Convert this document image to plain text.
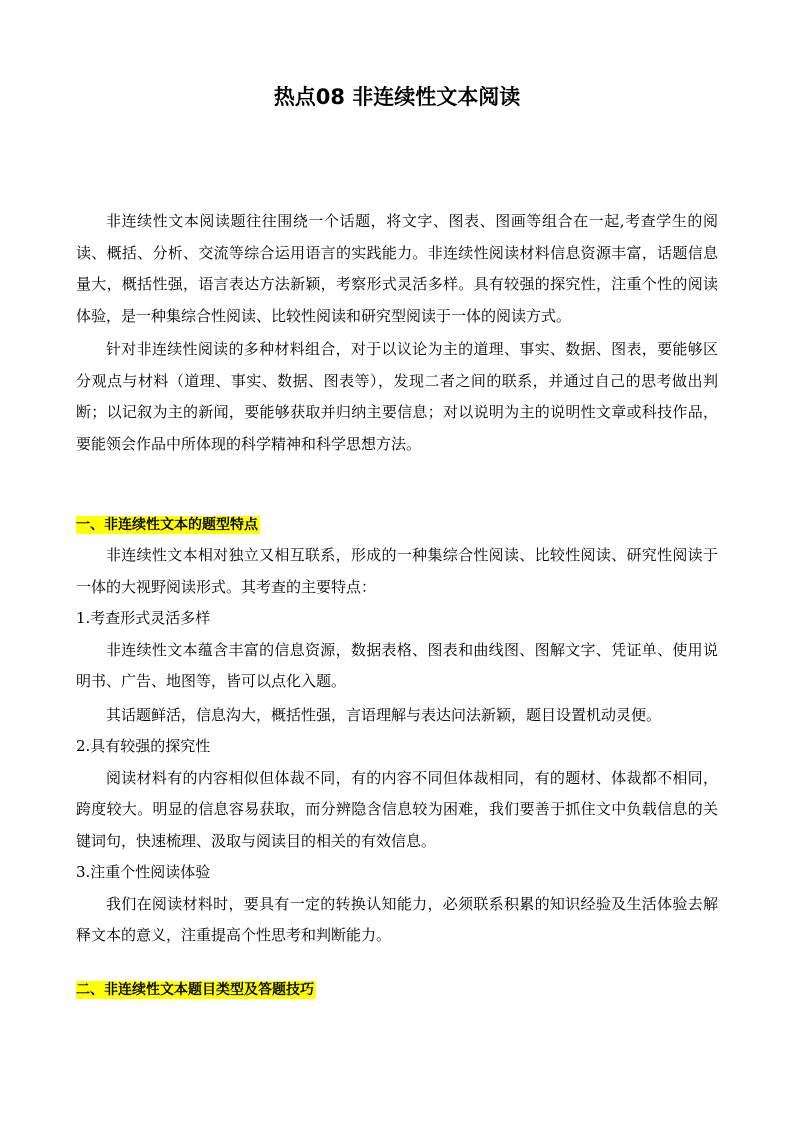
热点08 非连续性文本阅读

非连续性文本阅读题往往围绕一个话题，将文字、图表、图画等组合在一起,考查学生的阅读、概括、分析、交流等综合运用语言的实践能力。非连续性阅读材料信息资源丰富，话题信息量大，概括性强，语言表达方法新颖，考察形式灵活多样。具有较强的探究性，注重个性的阅读体验，是一种集综合性阅读、比较性阅读和研究型阅读于一体的阅读方式。

针对非连续性阅读的多种材料组合，对于以议论为主的道理、事实、数据、图表，要能够区分观点与材料（道理、事实、数据、图表等），发现二者之间的联系，并通过自己的思考做出判断；以记叙为主的新闻，要能够获取并归纳主要信息；对以说明为主的说明性文章或科技作品，要能领会作品中所体现的科学精神和科学思想方法。

一、非连续性文本的题型特点

非连续性文本相对独立又相互联系，形成的一种集综合性阅读、比较性阅读、研究性阅读于一体的大视野阅读形式。其考查的主要特点：

1.考查形式灵活多样

非连续性文本蕴含丰富的信息资源，数据表格、图表和曲线图、图解文字、凭证单、使用说明书、广告、地图等，皆可以点化入题。

其话题鲜活，信息沟大，概括性强，言语理解与表达问法新颖，题目设置机动灵便。

2.具有较强的探究性

阅读材料有的内容相似但体裁不同，有的内容不同但体裁相同，有的题材、体裁都不相同，跨度较大。明显的信息容易获取，而分辨隐含信息较为困难，我们要善于抓住文中负载信息的关键词句，快速梳理、汲取与阅读目的相关的有效信息。

3.注重个性阅读体验

我们在阅读材料时，要具有一定的转换认知能力，必须联系积累的知识经验及生活体验去解释文本的意义，注重提高个性思考和判断能力。

二、非连续性文本题目类型及答题技巧
